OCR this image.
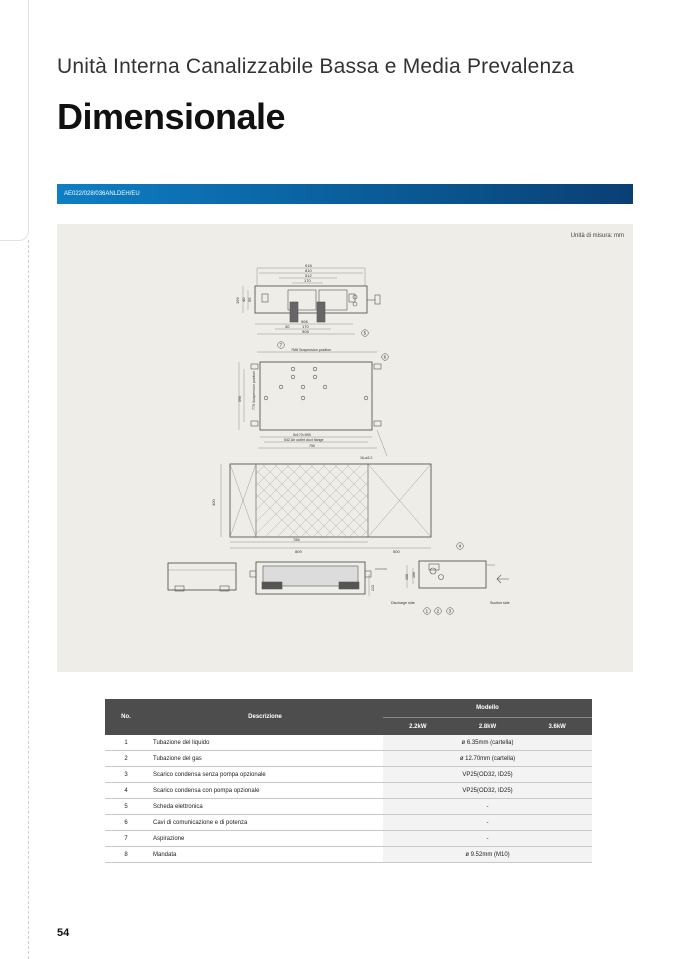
Unità Interna Canalizzabile Bassa e Media Prevalenza
Dimensionale
AE022/028/036ANLDEH/EU
Unità di misura: mm
918
810
512
170
908
30	170
908
196 40 56
?M8 Suspension position
5x1?0=590
542 Air outlet duct flange
750
16-ø3.2
590	770 Suspension position
400
786
809	500
198 106
213
Discharge side	Suction side
1 2 3
4
5
6
7
No.	Descrizione	Modello		
		2.2kW	2.8kW	3.6kW
1	Tubazione del liquido	ø 6.35mm (cartella)		
2	Tubazione del gas	ø 12.70mm (cartella)		
3	Scarico condensa senza pompa opzionale	VP25(OD32, ID25)		
4	Scarico condensa con pompa opzionale	VP25(OD32, ID25)		
5	Scheda elettronica	-		
6	Cavi di comunicazione e di potenza	-		
7	Aspirazione	-		
8	Mandata	ø 9.52mm (M10)		
54
